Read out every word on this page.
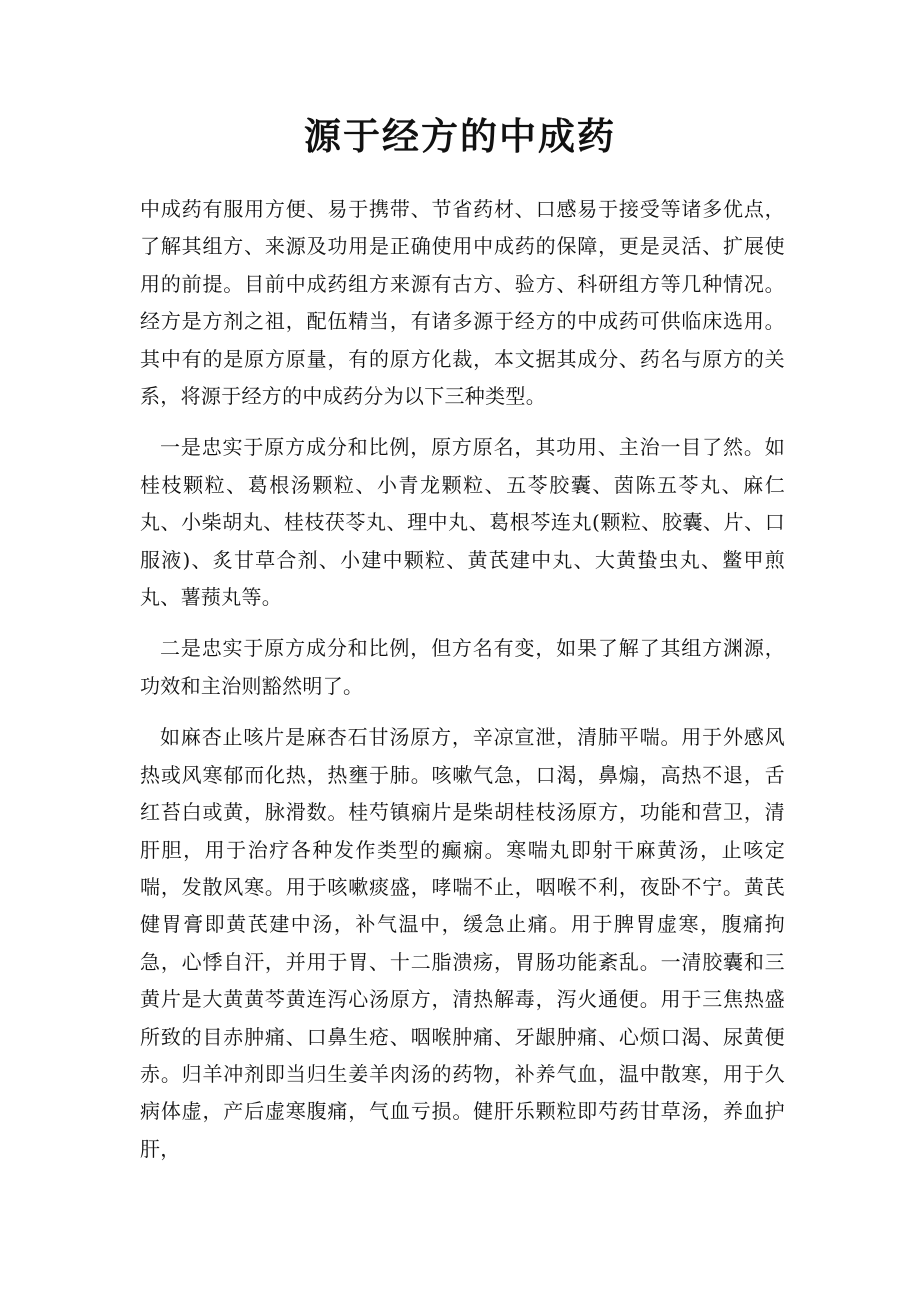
源于经方的中成药

中成药有服用方便、易于携带、节省药材、口感易于接受等诸多优点，了解其组方、来源及功用是正确使用中成药的保障，更是灵活、扩展使用的前提。目前中成药组方来源有古方、验方、科研组方等几种情况。经方是方剂之祖，配伍精当，有诸多源于经方的中成药可供临床选用。其中有的是原方原量，有的原方化裁，本文据其成分、药名与原方的关系，将源于经方的中成药分为以下三种类型。

一是忠实于原方成分和比例，原方原名，其功用、主治一目了然。如桂枝颗粒、葛根汤颗粒、小青龙颗粒、五苓胶囊、茵陈五苓丸、麻仁丸、小柴胡丸、桂枝茯苓丸、理中丸、葛根芩连丸(颗粒、胶囊、片、口服液)、炙甘草合剂、小建中颗粒、黄芪建中丸、大黄蛰虫丸、鳖甲煎丸、薯蓣丸等。

二是忠实于原方成分和比例，但方名有变，如果了解了其组方渊源，功效和主治则豁然明了。

如麻杏止咳片是麻杏石甘汤原方，辛凉宣泄，清肺平喘。用于外感风热或风寒郁而化热，热壅于肺。咳嗽气急，口渴，鼻煽，高热不退，舌红苔白或黄，脉滑数。桂芍镇痫片是柴胡桂枝汤原方，功能和营卫，清肝胆，用于治疗各种发作类型的癫痫。寒喘丸即射干麻黄汤，止咳定喘，发散风寒。用于咳嗽痰盛，哮喘不止，咽喉不利，夜卧不宁。黄芪健胃膏即黄芪建中汤，补气温中，缓急止痛。用于脾胃虚寒，腹痛拘急，心悸自汗，并用于胃、十二脂溃疡，胃肠功能紊乱。一清胶囊和三黄片是大黄黄芩黄连泻心汤原方，清热解毒，泻火通便。用于三焦热盛所致的目赤肿痛、口鼻生疮、咽喉肿痛、牙龈肿痛、心烦口渴、尿黄便赤。归羊冲剂即当归生姜羊肉汤的药物，补养气血，温中散寒，用于久病体虚，产后虚寒腹痛，气血亏损。健肝乐颗粒即芍药甘草汤，养血护肝，
